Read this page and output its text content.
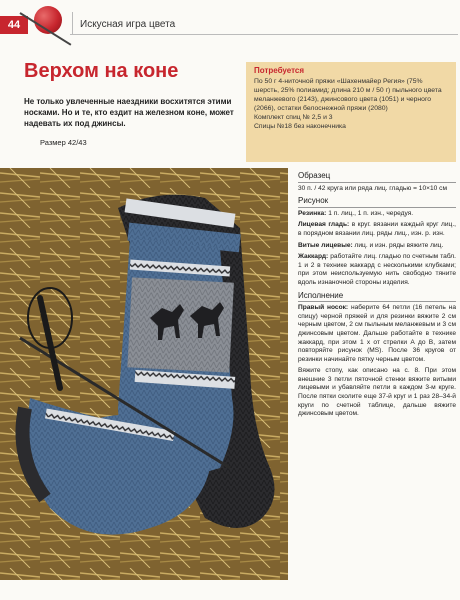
44	Искусная игра цвета
Верхом на коне
Не только увлеченные наездники восхитятся этими носками. Но и те, кто ездит на железном коне, может надевать их под джинсы.
Размер 42/43
Потребуется
По 50 г 4-ниточной пряжи «Шахенмайер Регия» (75% шерсть, 25% полиамид; длина 210 м / 50 г) пыльного цвета меланжевого (2143), джинсового цвета (1051) и черного (2066), остатки белоснежной пряжи (2080)
Комплект спиц № 2,5 и 3
Спицы №18 без наконечника
Образец

30 п. / 42 круга или ряда лиц. гладью = 10×10 см

Рисунок

Резинка: 1 п. лиц., 1 п. изн., чередуя.

Лицевая гладь: в круг. вязании каждый круг лиц., в порядном вязании лиц. ряды лиц., изн. р. изн.

Витые лицевые: лиц. и изн. ряды вяжите лиц.

Жаккард: работайте лиц. гладью по счетным табл. 1 и 2 в технике жаккард с несколькими клубками; при этом неиспользуемую нить свободно тяните вдоль изнаночной стороны изделия.

Исполнение

Правый носок: наберите 64 петли (16 петель на спицу) черной пряжей и для резинки вяжите 2 см черным цветом, 2 см пыльным меланжевым и 3 см джинсовым цветом. Дальше работайте в технике жаккард, при этом 1 х от стрелки А до В, затем повторяйте рисунок (MS). После 36 кругов от резинки начинайте пятку черным цветом.

Вяжите стопу, как описано на с. 8. При этом внешние 3 петли пяточной стенки вяжите витыми лицевыми и убавляйте петли в каждом 3-м круге. После пятки сколите еще 37-й круг и 1 раз 28–34-й круги по счетной таблице, дальше вяжите джинсовым цветом.
